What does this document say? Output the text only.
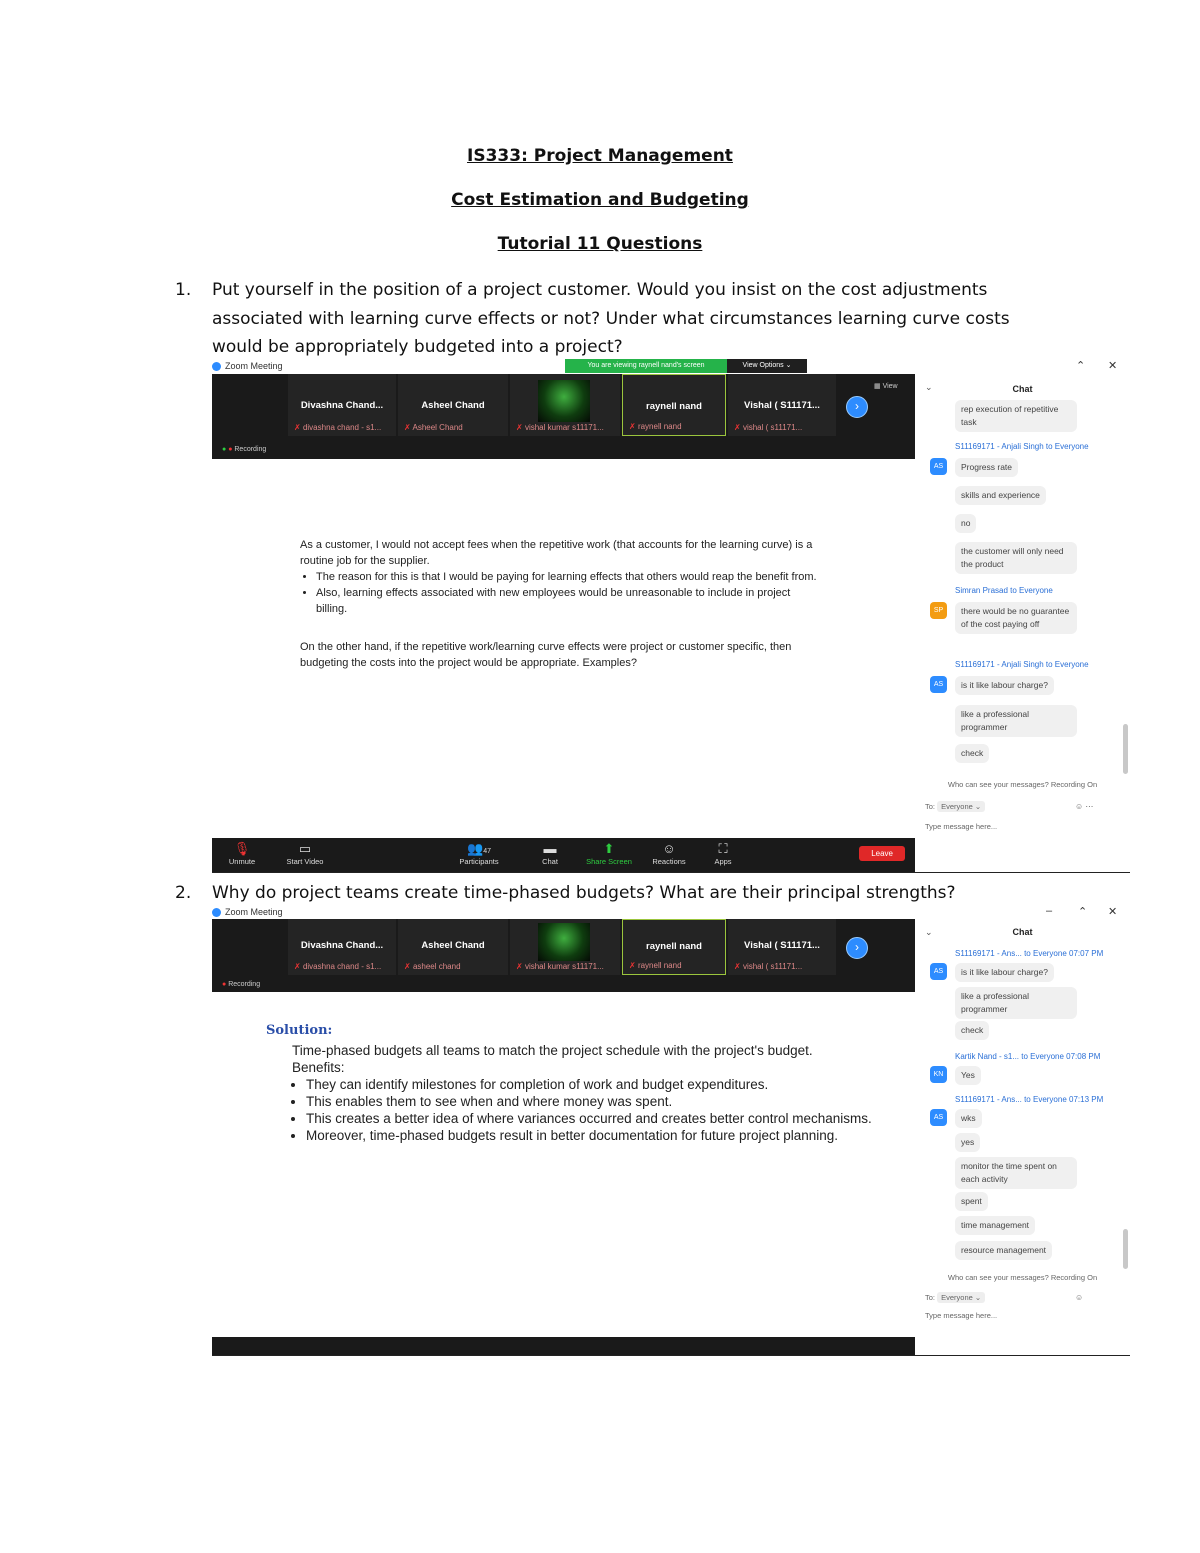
IS333: Project Management
Cost Estimation and Budgeting
Tutorial 11 Questions
1. Put yourself in the position of a project customer. Would you insist on the cost adjustments associated with learning curve effects or not? Under what circumstances learning curve costs would be appropriately budgeted into a project?
Zoom Meeting	You are viewing raynell nand's screen	View Options ⌄	⌃ ✕
Divashna Chand...
✗ divashna chand - s1...
Asheel Chand
✗ Asheel Chand	✗ vishal kumar s11171...
raynell nand
✗ raynell nand
Vishal ( S11171...
✗ vishal ( s11171...
›
▦ View
● ● Recording
As a customer, I would not accept fees when the repetitive work (that accounts for the learning curve) is a routine job for the supplier.
• The reason for this is that I would be paying for learning effects that others would reap the benefit from.
• Also, learning effects associated with new employees would be unreasonable to include in project billing.
On the other hand, if the repetitive work/learning curve effects were project or customer specific, then budgeting the costs into the project would be appropriate. Examples?
🎙
Unmute
▭
Start Video
👥47
Participants
▬
Chat
⬆
Share Screen
☺
Reactions
⛶
Apps
Leave
⌄	Chat
rep execution of repetitive task
S11169171 - Anjali Singh to Everyone
AS	Progress rate
skills and experience
no
the customer will only need the product
Simran Prasad to Everyone
SP	there would be no guarantee of the cost paying off
S11169171 - Anjali Singh to Everyone
AS	is it like labour charge?
like a professional programmer
check
Who can see your messages? Recording On
To: Everyone ⌄	☺ ⋯
Type message here...
2. Why do project teams create time-phased budgets? What are their principal strengths?
Zoom Meeting	– ⌃ ✕
Divashna Chand...
✗ divashna chand - s1...
Asheel Chand
✗ asheel chand	✗ vishal kumar s11171...
raynell nand
✗ raynell nand
Vishal ( S11171...
✗ vishal ( s11171...
›
● Recording
Solution:
Time-phased budgets all teams to match the project schedule with the project's budget.
Benefits:
• They can identify milestones for completion of work and budget expenditures.
• This enables them to see when and where money was spent.
• This creates a better idea of where variances occurred and creates better control mechanisms.
• Moreover, time-phased budgets result in better documentation for future project planning.
⌄	Chat
S11169171 - Ans... to Everyone 07:07 PM
AS	is it like labour charge?
like a professional programmer
check
Kartik Nand - s1... to Everyone 07:08 PM
KN	Yes
S11169171 - Ans... to Everyone 07:13 PM
AS	wks
yes
monitor the time spent on each activity
spent
time management
resource management
Who can see your messages? Recording On
To: Everyone ⌄	☺
Type message here...
